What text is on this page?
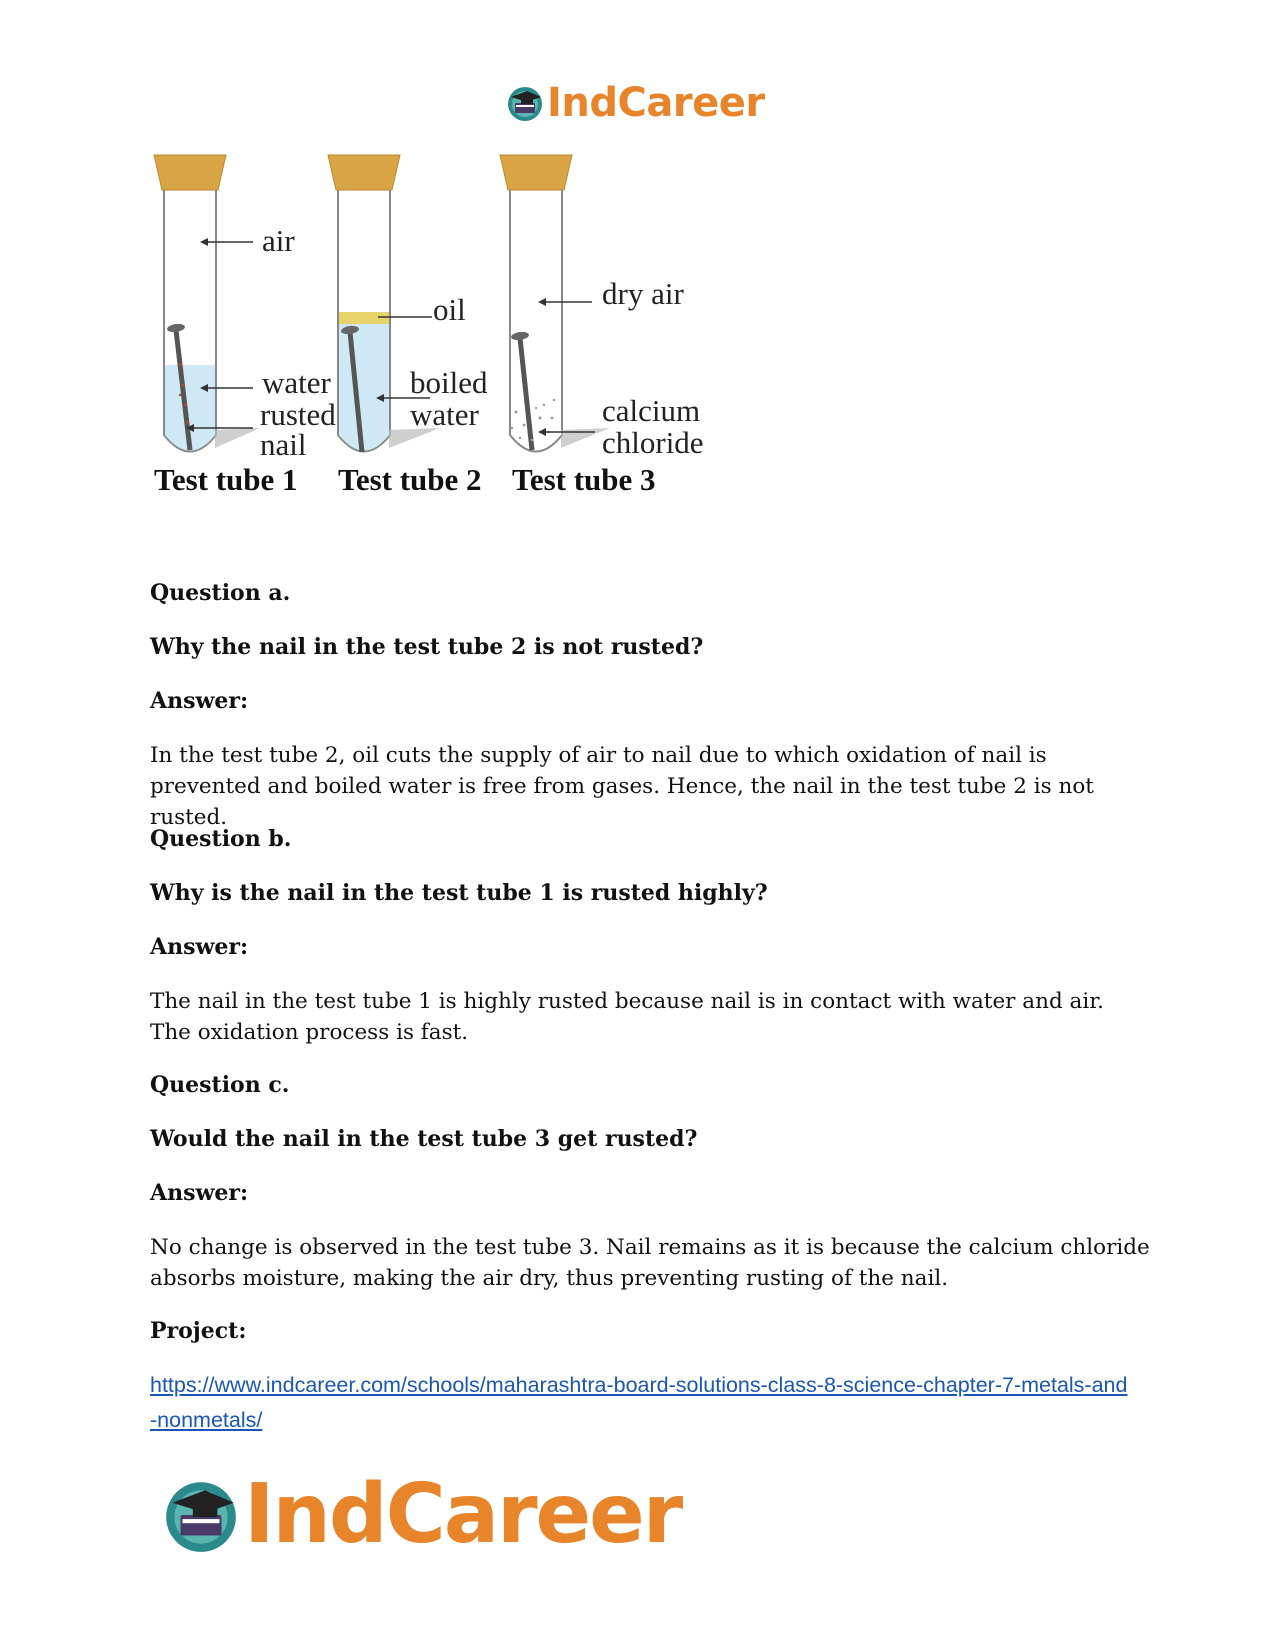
IndCareer
air
water
rusted
nail
oil
boiled
water
dry air
calcium
chloride
Test tube 1 Test tube 2 Test tube 3

Question a.

Why the nail in the test tube 2 is not rusted?

Answer:

In the test tube 2, oil cuts the supply of air to nail due to which oxidation of nail is prevented and boiled water is free from gases. Hence, the nail in the test tube 2 is not rusted.

Question b.

Why is the nail in the test tube 1 is rusted highly?

Answer:

The nail in the test tube 1 is highly rusted because nail is in contact with water and air. The oxidation process is fast.

Question c.

Would the nail in the test tube 3 get rusted?

Answer:

No change is observed in the test tube 3. Nail remains as it is because the calcium chloride absorbs moisture, making the air dry, thus preventing rusting of the nail.

Project:

https://www.indcareer.com/schools/maharashtra-board-solutions-class-8-science-chapter-7-metals-and-nonmetals/
IndCareer
